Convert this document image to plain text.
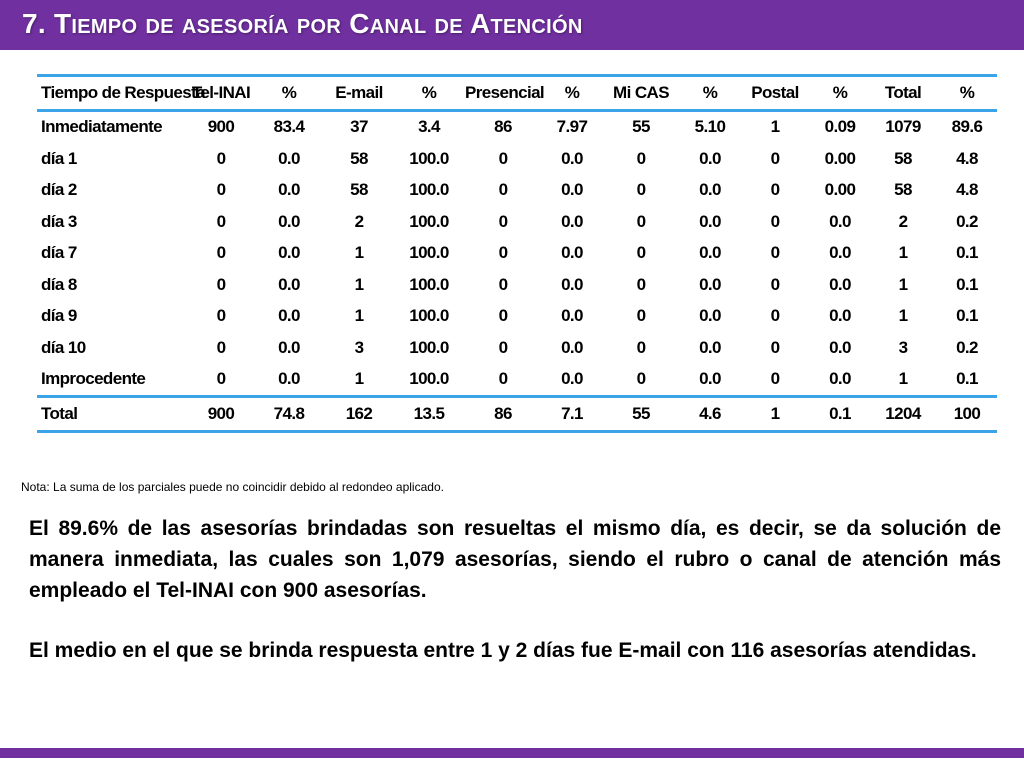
7. Tiempo de asesoría por Canal de Atención
Tiempo de Respuesta	Tel-INAI	%	E-mail	%	Presencial	%	Mi CAS	%	Postal	%	Total	%
Inmediatamente	900	83.4	37	3.4	86	7.97	55	5.10	1	0.09	1079	89.6
día 1	0	0.0	58	100.0	0	0.0	0	0.0	0	0.00	58	4.8
día 2	0	0.0	58	100.0	0	0.0	0	0.0	0	0.00	58	4.8
día 3	0	0.0	2	100.0	0	0.0	0	0.0	0	0.0	2	0.2
día 7	0	0.0	1	100.0	0	0.0	0	0.0	0	0.0	1	0.1
día 8	0	0.0	1	100.0	0	0.0	0	0.0	0	0.0	1	0.1
día 9	0	0.0	1	100.0	0	0.0	0	0.0	0	0.0	1	0.1
día 10	0	0.0	3	100.0	0	0.0	0	0.0	0	0.0	3	0.2
Improcedente	0	0.0	1	100.0	0	0.0	0	0.0	0	0.0	1	0.1
Total	900	74.8	162	13.5	86	7.1	55	4.6	1	0.1	1204	100
Nota: La suma de los parciales puede no coincidir debido al redondeo aplicado.

El 89.6% de las asesorías brindadas son resueltas el mismo día, es decir, se da solución de manera inmediata, las cuales son 1,079 asesorías, siendo el rubro o canal de atención más empleado el Tel-INAI con 900 asesorías.

El medio en el que se brinda respuesta entre 1 y 2 días fue E-mail con 116 asesorías atendidas.
